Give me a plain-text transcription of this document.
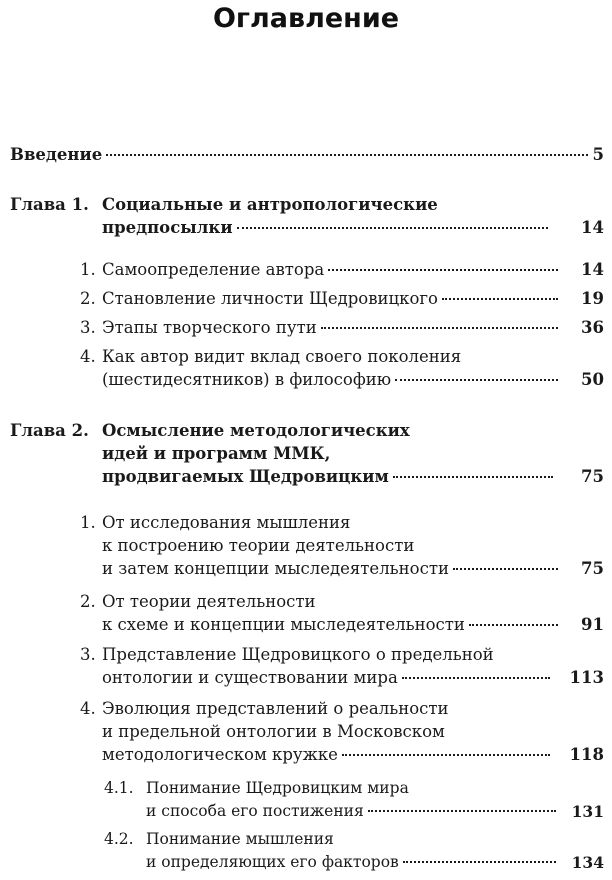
Оглавление
Введение	5
Глава 1. Социальные и антропологические
предпосылки	14
1. Самоопределение автора	14
2. Становление личности Щедровицкого	19
3. Этапы творческого пути	36
4. Как автор видит вклад своего поколения
(шестидесятников) в философию	50
Глава 2. Осмысление методологических
идей и программ ММК,
продвигаемых Щедровицким	75
1. От исследования мышления
к построению теории деятельности
и затем концепции мыследеятельности	75
2. От теории деятельности
к схеме и концепции мыследеятельности	91
3. Представление Щедровицкого о предельной
онтологии и существовании мира	113
4. Эволюция представлений о реальности
и предельной онтологии в Московском
методологическом кружке	118
4.1. Понимание Щедровицким мира
и способа его постижения	131
4.2. Понимание мышления
и определяющих его факторов	134
